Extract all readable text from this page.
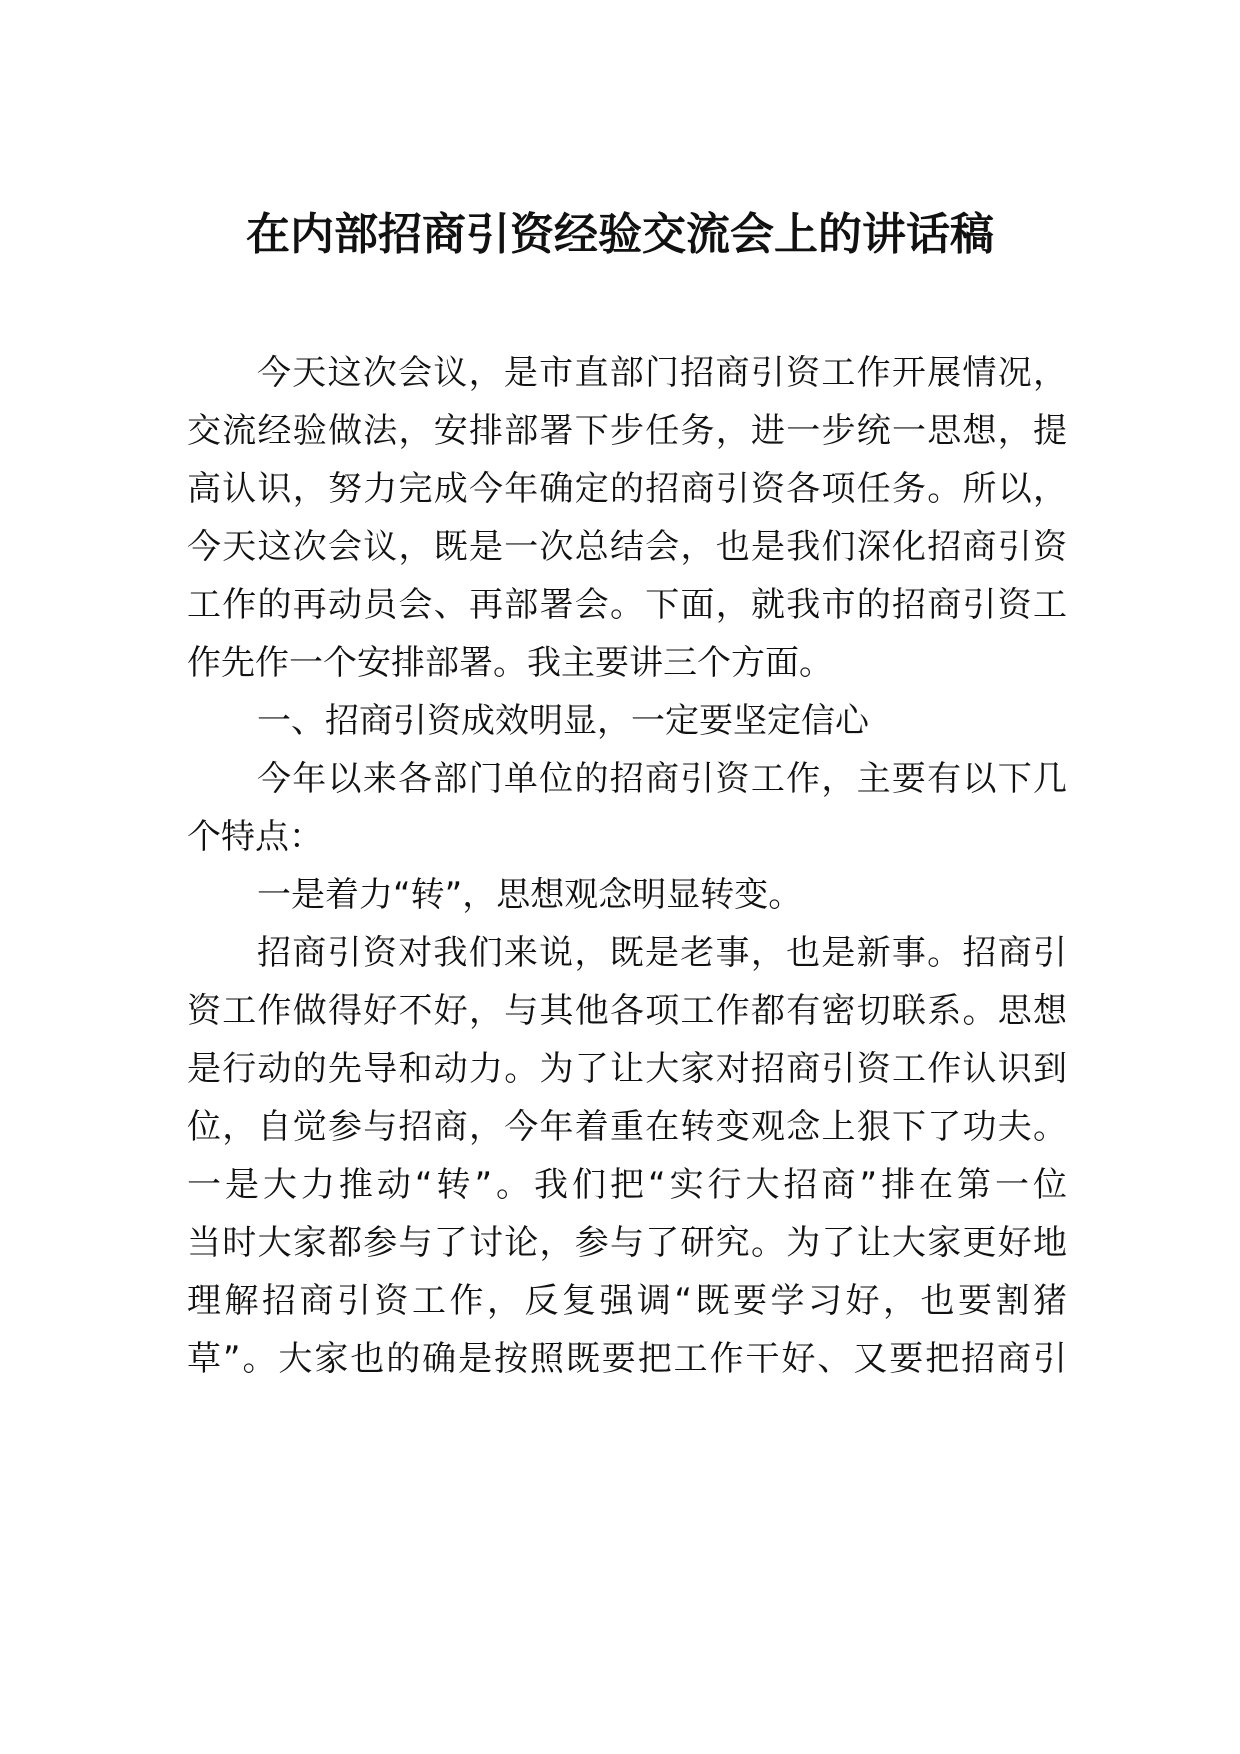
在内部招商引资经验交流会上的讲话稿
今天这次会议，是市直部门招商引资工作开展情况，
交流经验做法，安排部署下步任务，进一步统一思想，提
高认识，努力完成今年确定的招商引资各项任务。所以，
今天这次会议，既是一次总结会，也是我们深化招商引资
工作的再动员会、再部署会。下面，就我市的招商引资工
作先作一个安排部署。我主要讲三个方面。
一、招商引资成效明显，一定要坚定信心
今年以来各部门单位的招商引资工作，主要有以下几
个特点：
一是着力“转”，思想观念明显转变。
招商引资对我们来说，既是老事，也是新事。招商引
资工作做得好不好，与其他各项工作都有密切联系。思想
是行动的先导和动力。为了让大家对招商引资工作认识到
位，自觉参与招商，今年着重在转变观念上狠下了功夫。
一是大力推动“转”。我们把“实行大招商”排在第一位
当时大家都参与了讨论，参与了研究。为了让大家更好地
理解招商引资工作，反复强调“既要学习好，也要割猪
草”。大家也的确是按照既要把工作干好、又要把招商引
